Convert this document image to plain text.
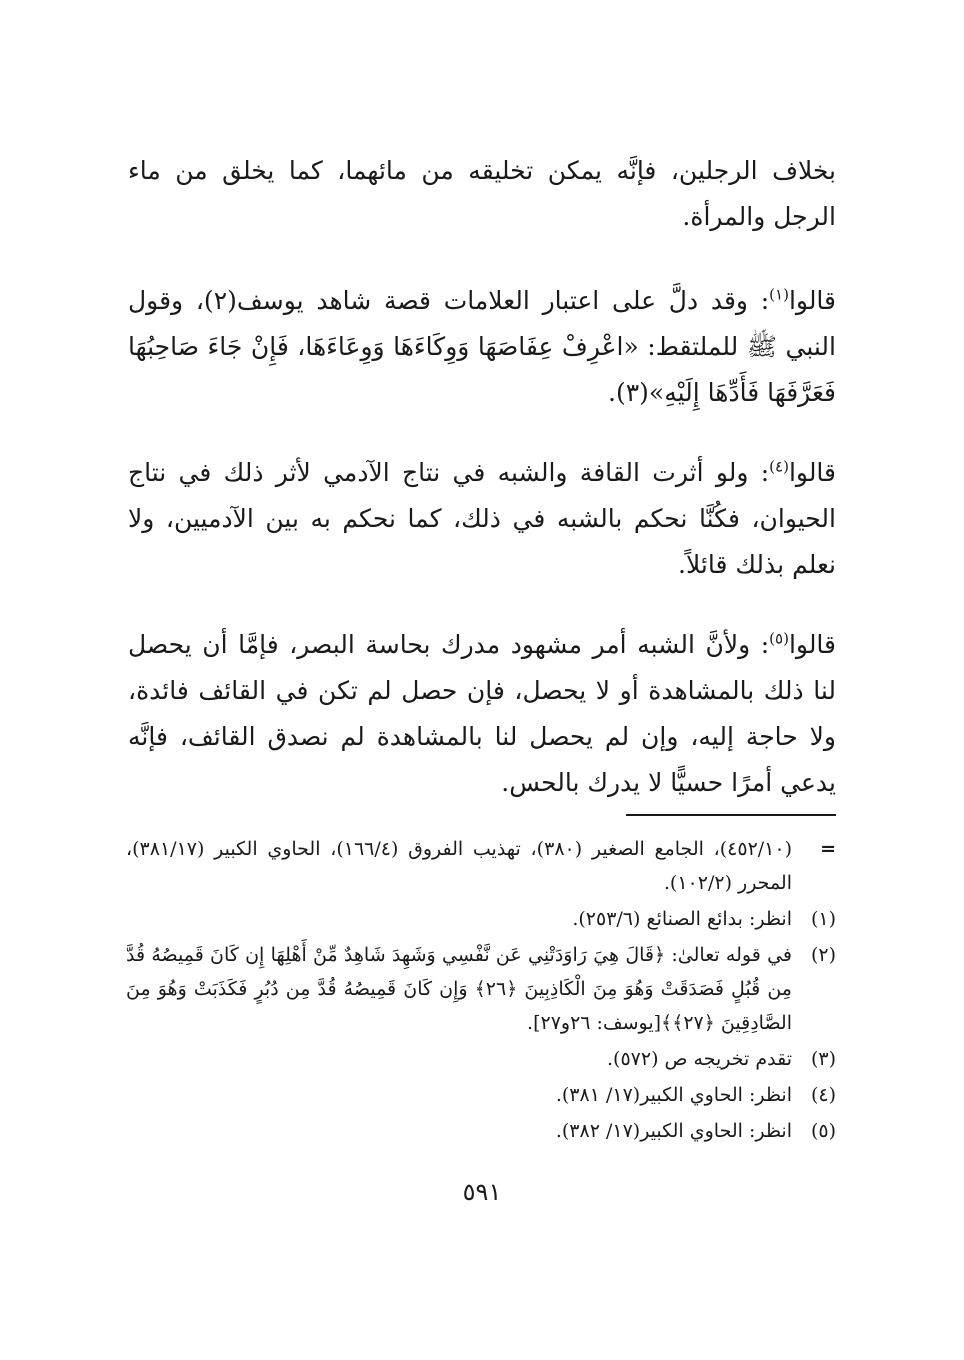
بخلاف الرجلين، فإنَّه يمكن تخليقه من مائهما، كما يخلق من ماء الرجل والمرأة.

قالوا$^{(١)}$: وقد دلَّ على اعتبار العلامات قصة شاهد يوسف(٢)، وقول النبي ﷺ للملتقط: «اعْرِفْ عِفَاصَهَا وَوِكَاءَهَا وَوِعَاءَهَا، فَإِنْ جَاءَ صَاحِبُهَا فَعَرَّفَهَا فَأَدِّهَا إِلَيْهِ»(٣).

قالوا$^{(٤)}$: ولو أثرت القافة والشبه في نتاج الآدمي لأثر ذلك في نتاج الحيوان، فكُنَّا نحكم بالشبه في ذلك، كما نحكم به بين الآدميين، ولا نعلم بذلك قائلاً.

قالوا$^{(٥)}$: ولأنَّ الشبه أمر مشهود مدرك بحاسة البصر، فإمَّا أن يحصل لنا ذلك بالمشاهدة أو لا يحصل، فإن حصل لم تكن في القائف فائدة، ولا حاجة إليه، وإن لم يحصل لنا بالمشاهدة لم نصدق القائف، فإنَّه يدعي أمرًا حسيًّا لا يدرك بالحس.

=
(٤٥٢/١٠)، الجامع الصغير (٣٨٠)، تهذيب الفروق (١٦٦/٤)، الحاوي الكبير (٣٨١/١٧)، المحرر (١٠٢/٢).
(١)
انظر: بدائع الصنائع (٢٥٣/٦).
(٢)
في قوله تعالىٰ: ﴿قَالَ هِيَ رَاوَدَتْنِي عَن نَّفْسِي وَشَهِدَ شَاهِدٌ مِّنْ أَهْلِهَا إِن كَانَ قَمِيصُهُ قُدَّ مِن قُبُلٍ فَصَدَقَتْ وَهُوَ مِنَ الْكَاذِبِينَ ﴿٢٦﴾ وَإِن كَانَ قَمِيصُهُ قُدَّ مِن دُبُرٍ فَكَذَبَتْ وَهُوَ مِنَ الصَّادِقِينَ ﴿٢٧﴾﴾[يوسف: ٢٦و٢٧].
(٣)
تقدم تخريجه ص (٥٧٢).
(٤)
انظر: الحاوي الكبير(١٧/ ٣٨١).
(٥)
انظر: الحاوي الكبير(١٧/ ٣٨٢).
٥٩١
